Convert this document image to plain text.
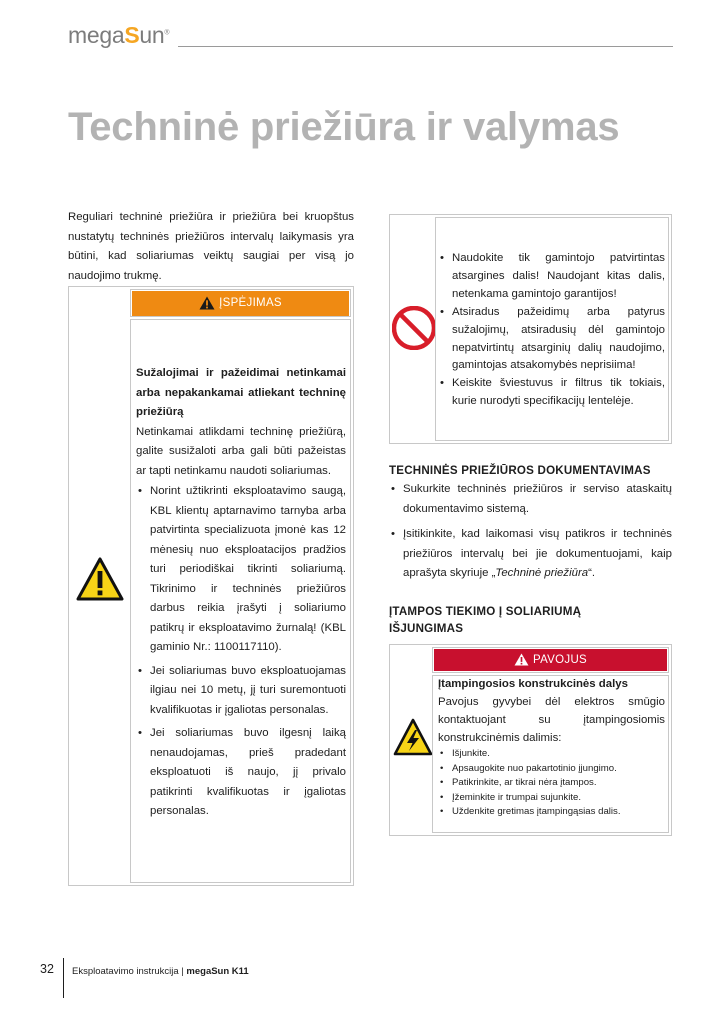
megaSun®
Techninė priežiūra ir valymas
Reguliari techninė priežiūra ir priežiūra bei kruopštus nustatytų techninės priežiūros intervalų laikymasis yra būtini, kad soliariumas veiktų saugiai per visą jo naudojimo trukmę.
ĮSPĖJIMAS
Sužalojimai ir pažeidimai netinkamai arba nepakankamai atliekant techninę priežiūrą
Netinkamai atlikdami techninę priežiūrą, galite susižaloti arba gali būti pažeistas ar tapti netinkamu naudoti soliariumas.
• Norint užtikrinti eksploatavimo saugą, KBL klientų aptarnavimo tarnyba arba patvirtinta specializuota įmonė kas 12 mėnesių nuo eksploatacijos pradžios turi periodiškai tikrinti soliariumą. Tikrinimo ir techninės priežiūros darbus reikia įrašyti į soliariumo patikrų ir eksploatavimo žurnalą! (KBL gaminio Nr.: 1100117110).
• Jei soliariumas buvo eksploatuojamas ilgiau nei 10 metų, jį turi suremontuoti kvalifikuotas ir įgaliotas personalas.
• Jei soliariumas buvo ilgesnį laiką nenaudojamas, prieš pradedant eksploatuoti iš naujo, jį privalo patikrinti kvalifikuotas ir įgaliotas personalas.
• Naudokite tik gamintojo patvirtintas atsargines dalis! Naudojant kitas dalis, netenkama gamintojo garantijos!
• Atsiradus pažeidimų arba patyrus sužalojimų, atsiradusių dėl gamintojo nepatvirtintų atsarginių dalių naudojimo, gamintojas atsakomybės neprisiima!
• Keiskite šviestuvus ir filtrus tik tokiais, kurie nurodyti specifikacijų lentelėje.
TECHNINĖS PRIEŽIŪROS DOKUMENTAVIMAS
• Sukurkite techninės priežiūros ir serviso ataskaitų dokumentavimo sistemą.
• Įsitikinkite, kad laikomasi visų patikros ir techninės priežiūros intervalų bei jie dokumentuojami, kaip aprašyta skyriuje „Techninė priežiūra“.
ĮTAMPOS TIEKIMO Į SOLIARIUMĄ IŠJUNGIMAS
PAVOJUS
Įtampingosios konstrukcinės dalys
Pavojus gyvybei dėl elektros smūgio kontaktuojant su įtampingosiomis konstrukcinėmis dalimis:
• Išjunkite.
• Apsaugokite nuo pakartotinio įjungimo.
• Patikrinkite, ar tikrai nėra įtampos.
• Įžeminkite ir trumpai sujunkite.
• Uždenkite gretimas įtampingąsias dalis.
32 Eksploatavimo instrukcija | megaSun K11
